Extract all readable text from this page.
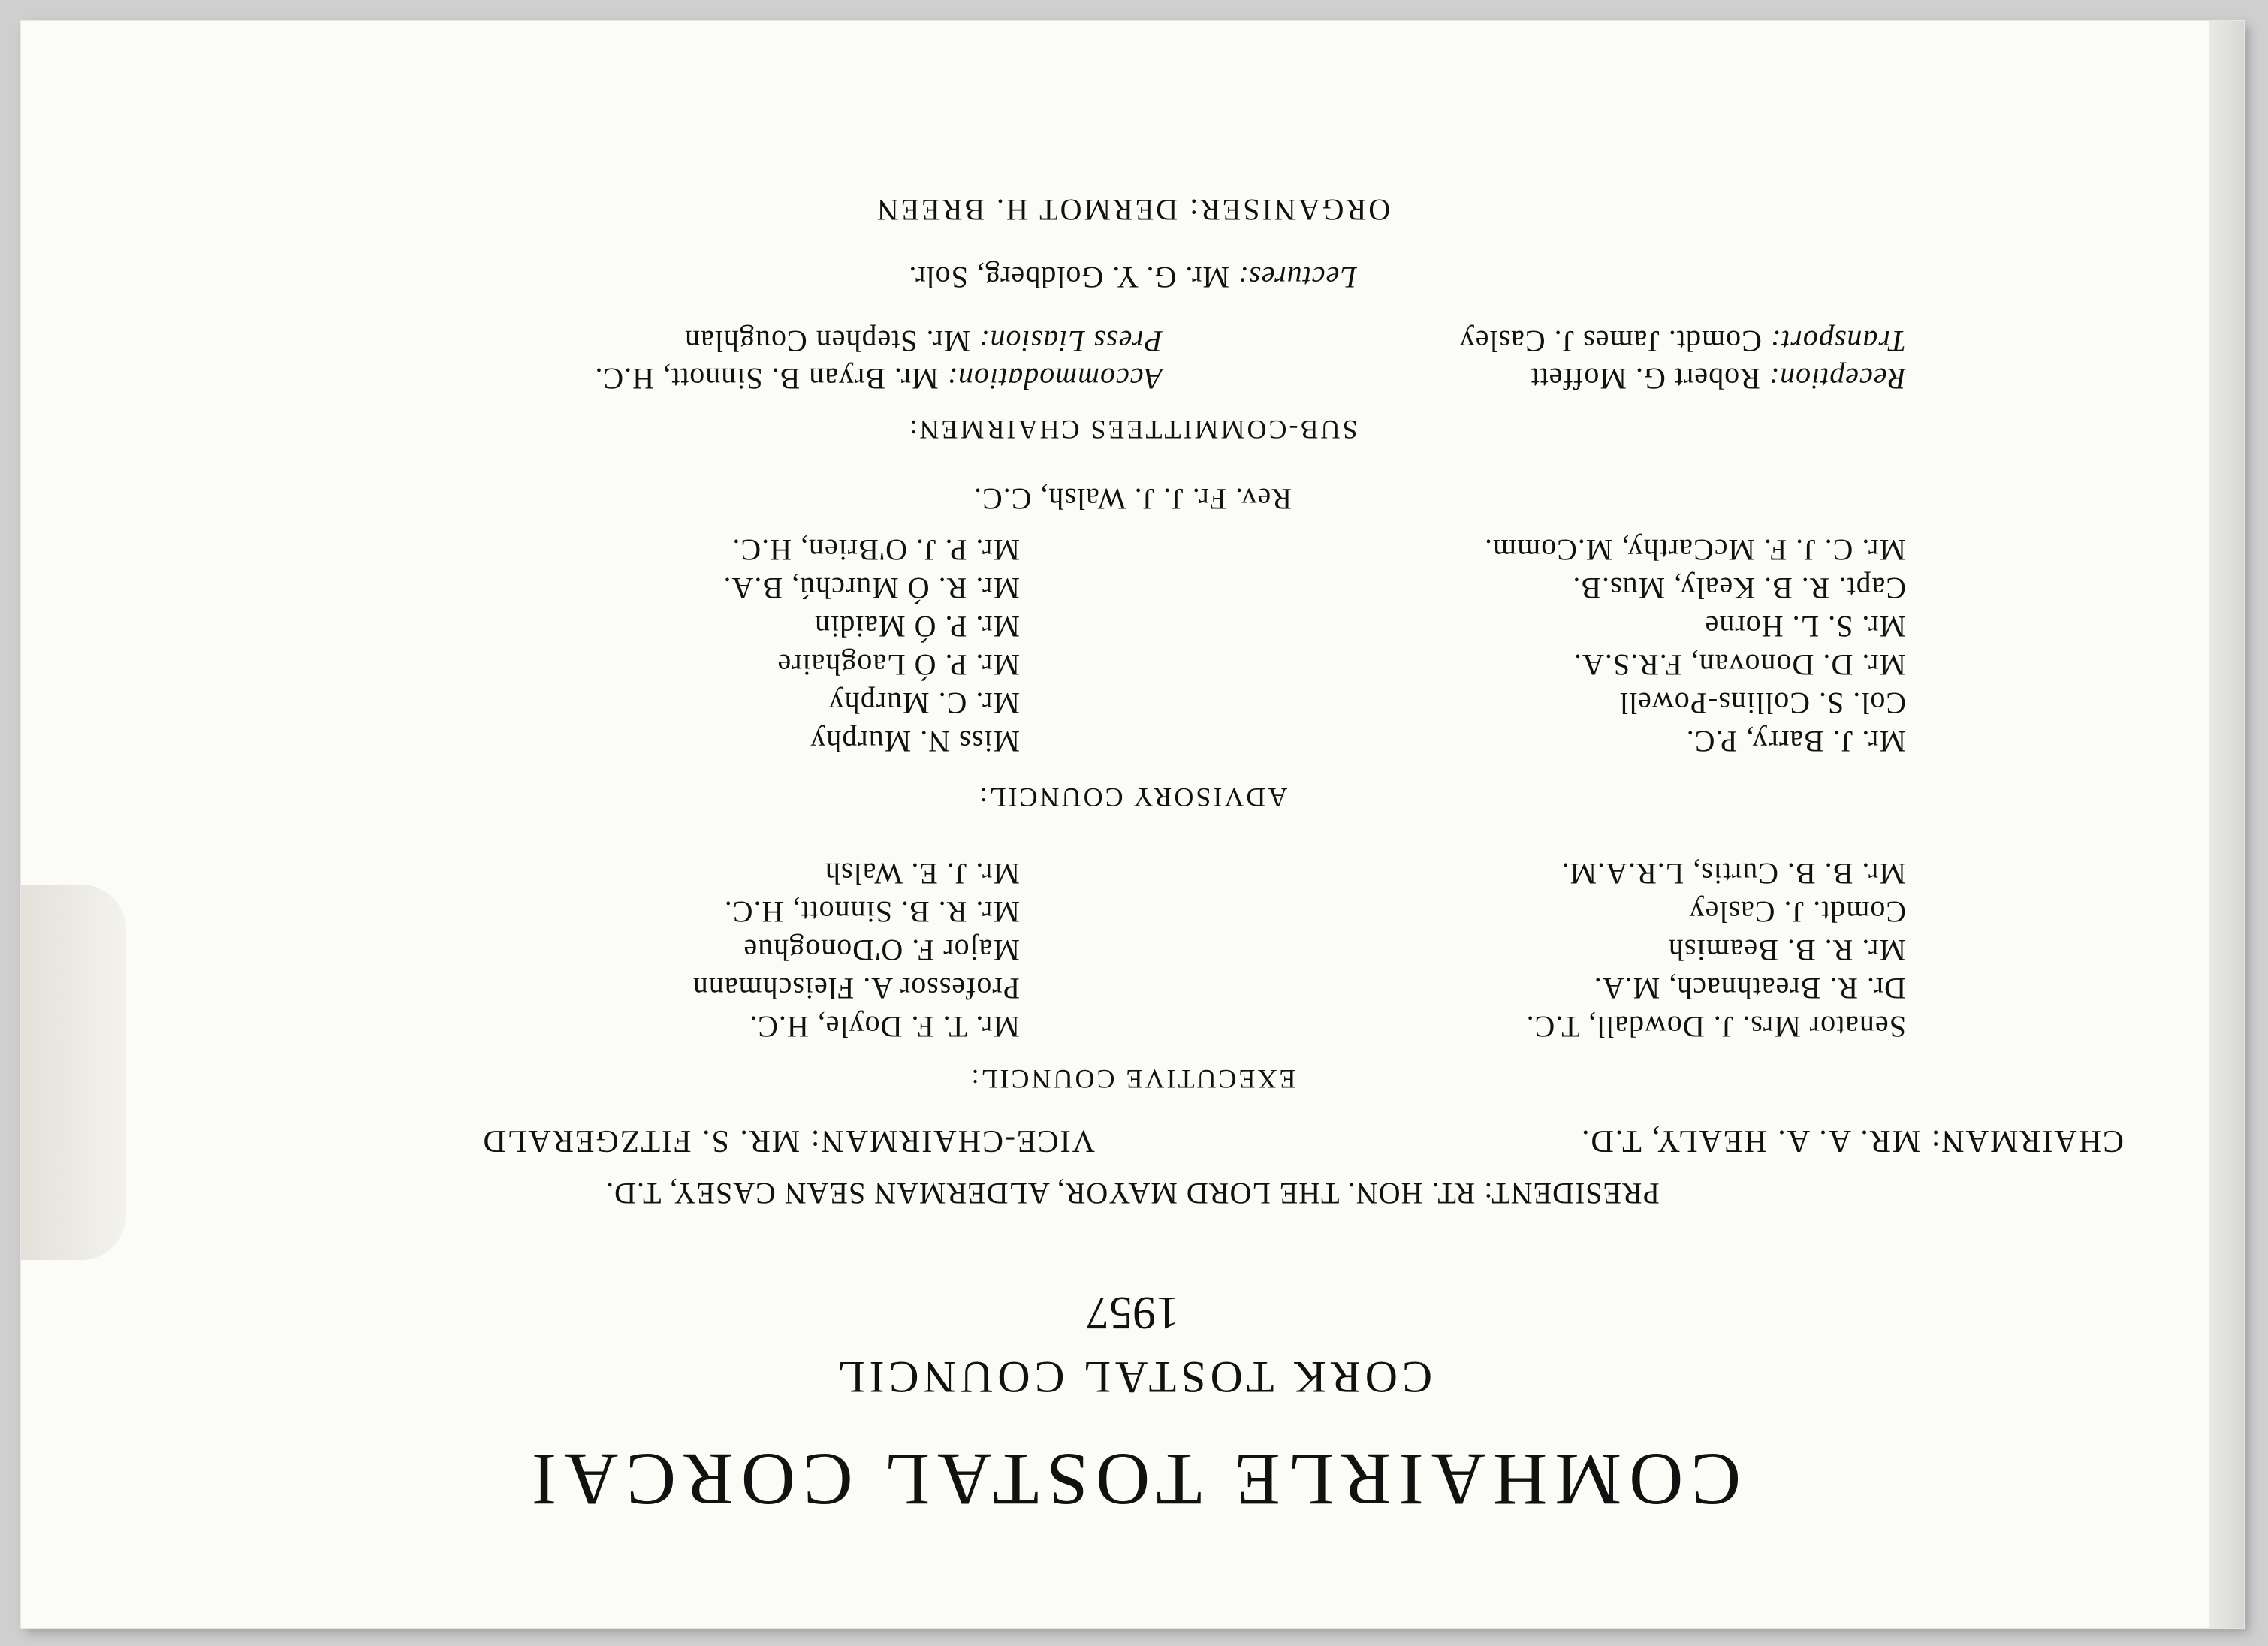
COMHAIRLE TOSTAL CORCAI
CORK TOSTAL COUNCIL
1957
PRESIDENT: RT. HON. THE LORD MAYOR, ALDERMAN SEAN CASEY, T.D.
CHAIRMAN: MR. A. A. HEALY, T.D.
VICE-CHAIRMAN: MR. S. FITZGERALD
EXECUTIVE COUNCIL:
Senator Mrs. J. Dowdall, T.C.
Dr. R. Breathnach, M.A.
Mr. R. B. Beamish
Comdt. J. Casley
Mr. B. B. Curtis, L.R.A.M.
Mr. T. F. Doyle, H.C.
Professor A. Fleischmann
Major F. O'Donoghue
Mr. R. B. Sinnott, H.C.
Mr. J. E. Walsh
ADVISORY COUNCIL:
Mr. J. Barry, P.C.
Col. S. Collins-Powell
Mr. D. Donovan, F.R.S.A.
Mr. S. L. Horne
Capt. R. B. Kealy, Mus.B.
Mr. C. J. F. McCarthy, M.Comm.
Miss N. Murphy
Mr. C. Murphy
Mr. P. Ó Laoghaire
Mr. P. Ó Maidin
Mr. R. Ó Murchú, B.A.
Mr. P. J. O'Brien, H.C.
Rev. Fr. J. J. Walsh, C.C.
SUB-COMMITTEES CHAIRMEN:
Reception: Robert G. Moffett
Accommodation: Mr. Bryan B. Sinnott, H.C.
Transport: Comdt. James J. Casley
Press Liasion: Mr. Stephen Coughlan
Lectures: Mr. G. Y. Goldberg, Solr.
ORGANISER: DERMOT H. BREEN
